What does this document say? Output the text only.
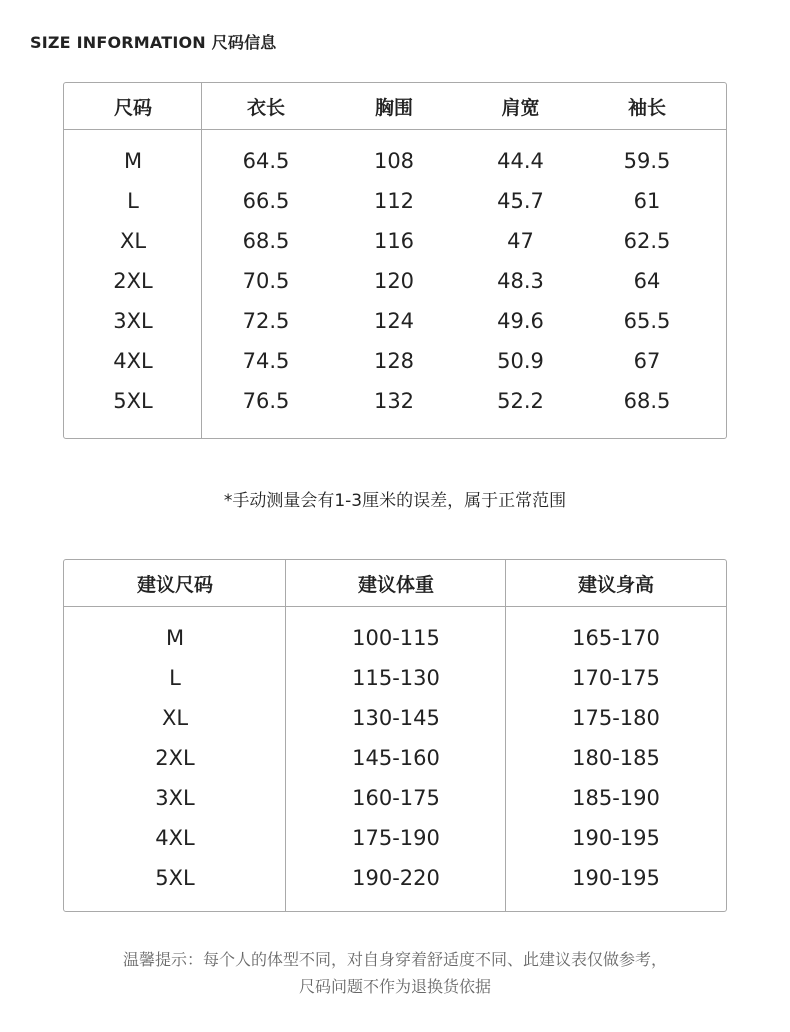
SIZE INFORMATION 尺码信息
尺码	衣长	胸围	肩宽	袖长
M	64.5	108	44.4	59.5
L	66.5	112	45.7	61
XL	68.5	116	47	62.5
2XL	70.5	120	48.3	64
3XL	72.5	124	49.6	65.5
4XL	74.5	128	50.9	67
5XL	76.5	132	52.2	68.5
*手动测量会有1-3厘米的误差，属于正常范围
建议尺码	建议体重	建议身高
M	100-115	165-170
L	115-130	170-175
XL	130-145	175-180
2XL	145-160	180-185
3XL	160-175	185-190
4XL	175-190	190-195
5XL	190-220	190-195
温馨提示：每个人的体型不同，对自身穿着舒适度不同、此建议表仅做参考，
尺码问题不作为退换货依据
